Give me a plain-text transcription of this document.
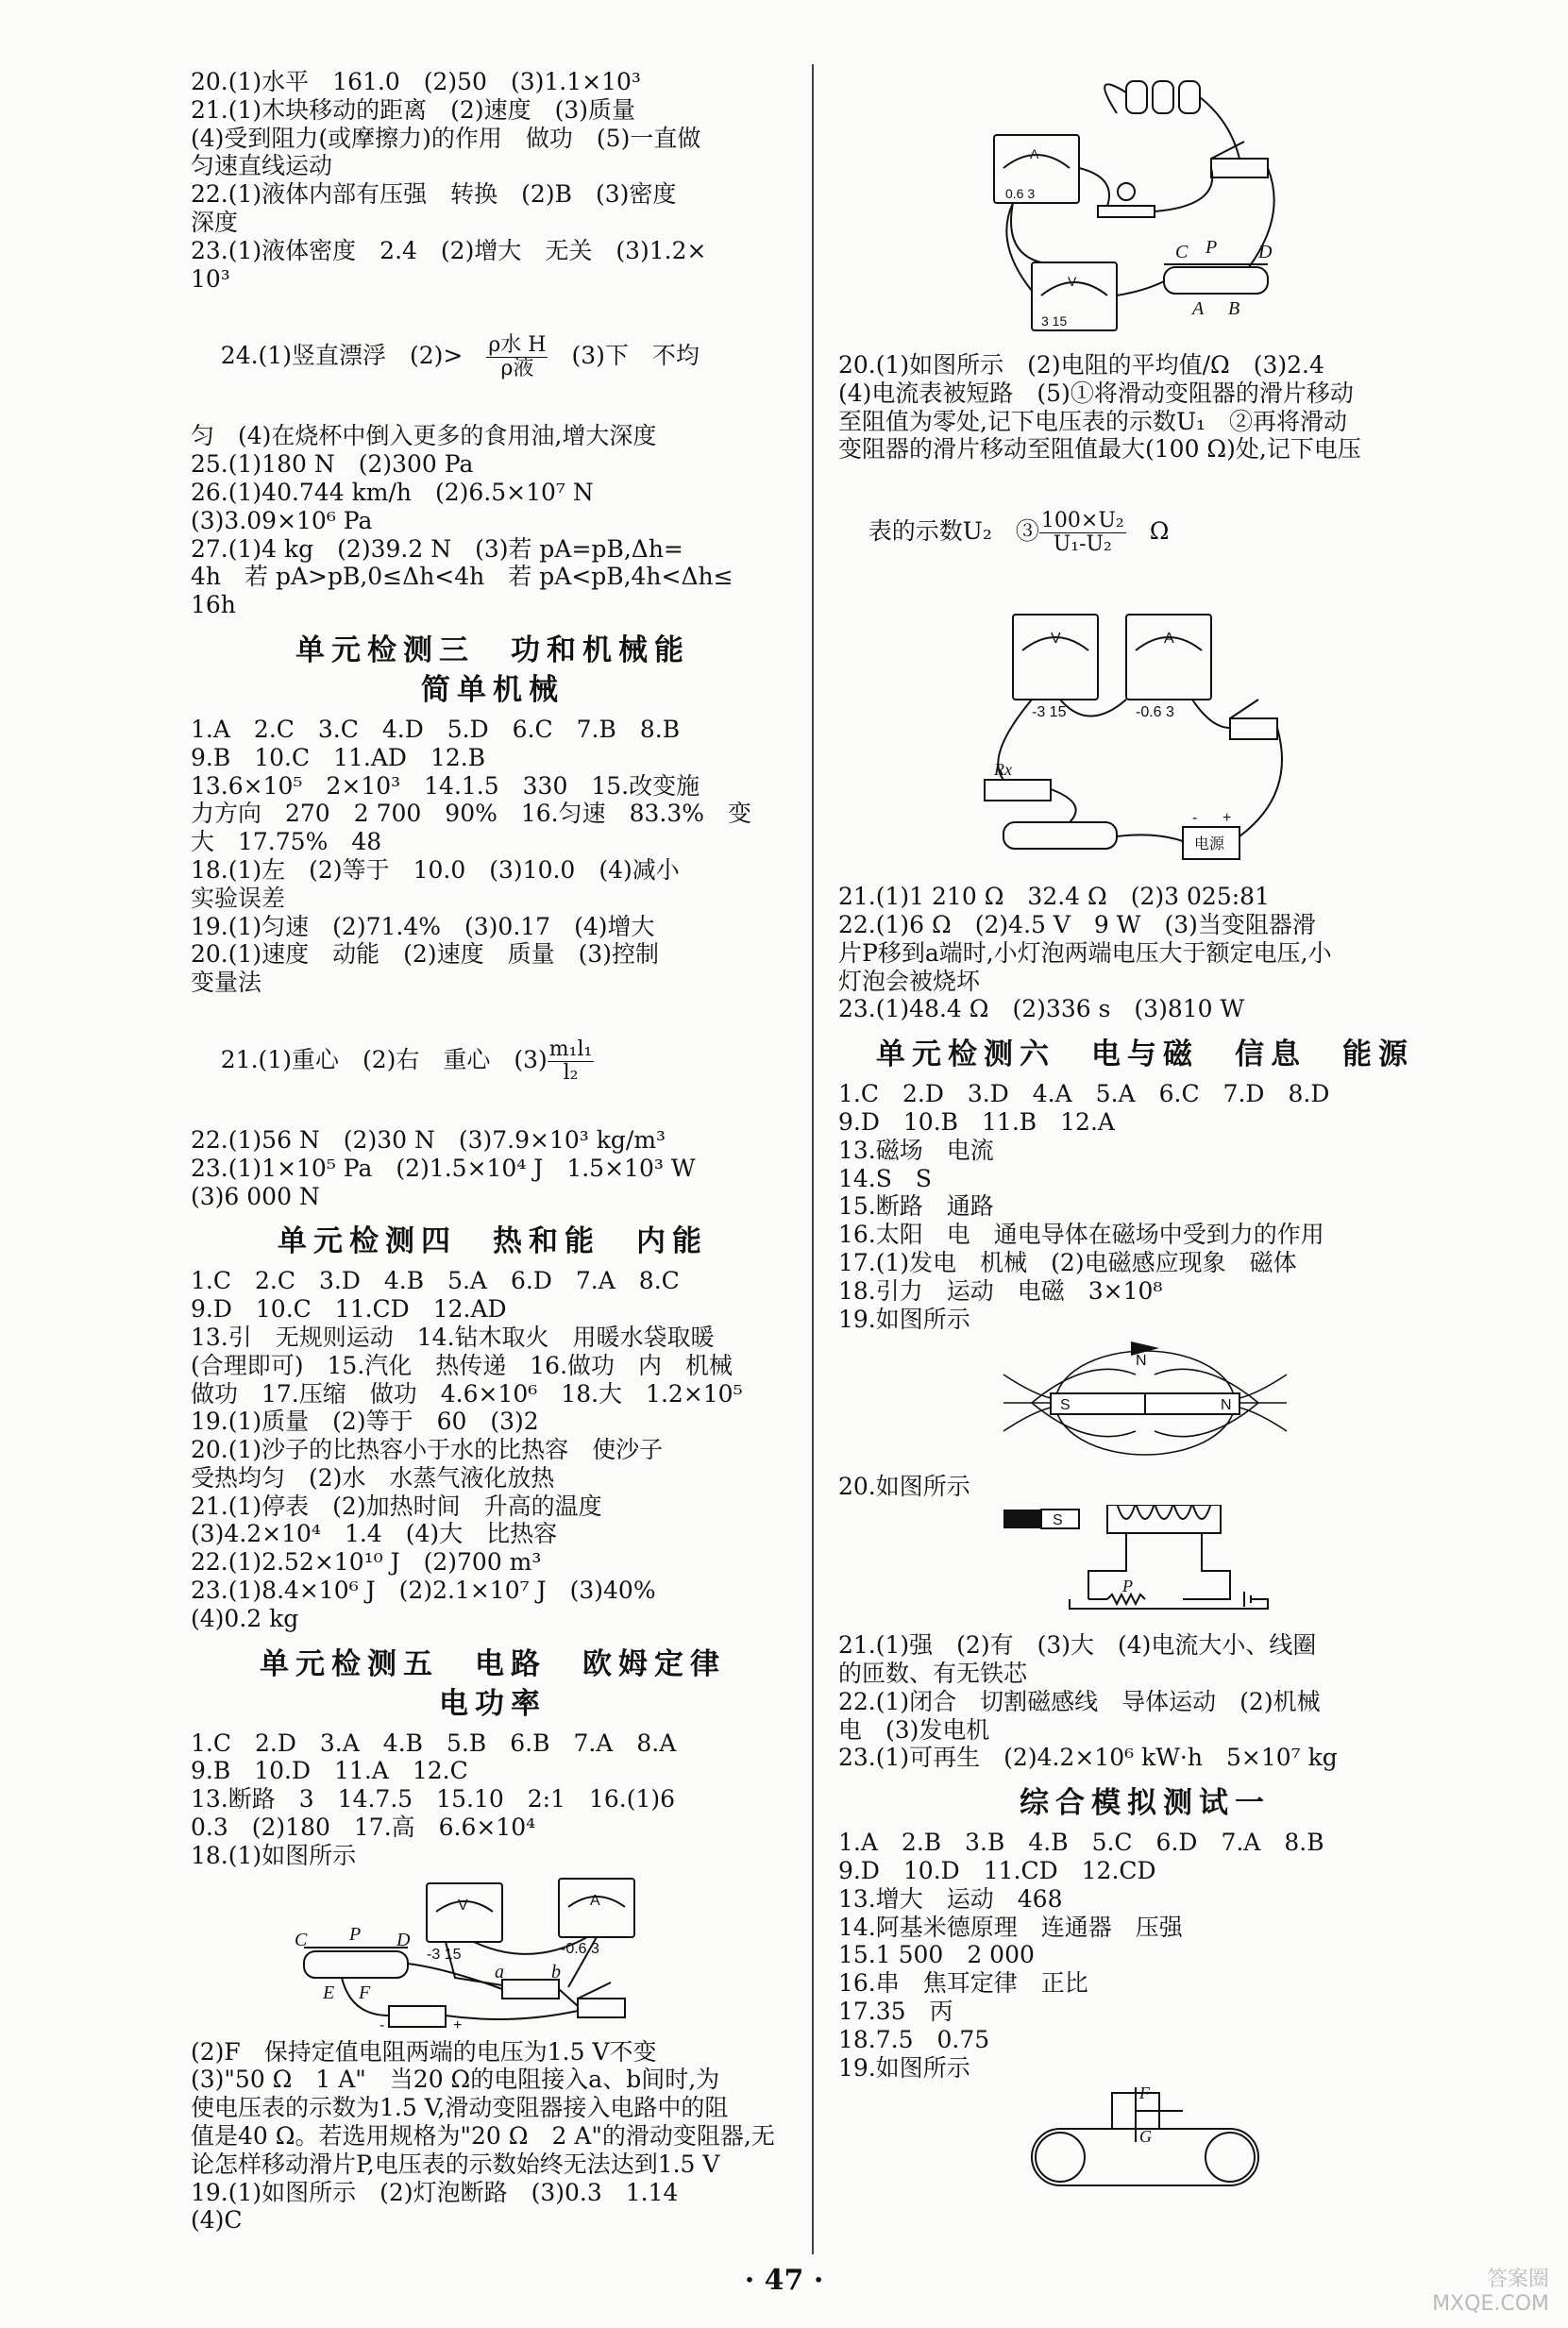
20.(1)水平　161.0　(2)50　(3)1.1×10³
21.(1)木块移动的距离　(2)速度　(3)质量
(4)受到阻力(或摩擦力)的作用　做功　(5)一直做
匀速直线运动
22.(1)液体内部有压强　转换　(2)B　(3)密度
深度
23.(1)液体密度　2.4　(2)增大　无关　(3)1.2×
10³

24.(1)竖直漂浮　(2)>　 ρ水 H
ρ液 　(3)下　不均

匀　(4)在烧杯中倒入更多的食用油,增大深度
25.(1)180 N　(2)300 Pa
26.(1)40.744 km/h　(2)6.5×10⁷ N
(3)3.09×10⁶ Pa
27.(1)4 kg　(2)39.2 N　(3)若 pA=pB,Δh=
4h　若 pA>pB,0≤Δh<4h　若 pA<pB,4h<Δh≤
16h
单元检测三　功和机械能
简单机械
1.A　2.C　3.C　4.D　5.D　6.C　7.B　8.B
9.B　10.C　11.AD　12.B
13.6×10⁵　2×10³　14.1.5　330　15.改变施
力方向　270　2 700　90%　16.匀速　83.3%　变
大　17.75%　48
18.(1)左　(2)等于　10.0　(3)10.0　(4)减小
实验误差
19.(1)匀速　(2)71.4%　(3)0.17　(4)增大
20.(1)速度　动能　(2)速度　质量　(3)控制
变量法

21.(1)重心　(2)右　重心　$(3) \frac{\text{m₁l₁}}{\text{l₂}}$

22.(1)56 N　(2)30 N　(3)7.9×10³ kg/m³
23.(1)1×10⁵ Pa　(2)1.5×10⁴ J　1.5×10³ W
(3)6 000 N
单元检测四　热和能　内能
1.C　2.C　3.D　4.B　5.A　6.D　7.A　8.C
9.D　10.C　11.CD　12.AD
13.引　无规则运动　14.钻木取火　用暖水袋取暖
(合理即可)　15.汽化　热传递　16.做功　内　机械
做功　17.压缩　做功　4.6×10⁶　18.大　1.2×10⁵
19.(1)质量　(2)等于　60　(3)2
20.(1)沙子的比热容小于水的比热容　使沙子
受热均匀　(2)水　水蒸气液化放热
21.(1)停表　(2)加热时间　升高的温度
(3)4.2×10⁴　1.4　(4)大　比热容
22.(1)2.52×10¹⁰ J　(2)700 m³
23.(1)8.4×10⁶ J　(2)2.1×10⁷ J　(3)40%
(4)0.2 kg
单元检测五　电路　欧姆定律
电功率
1.C　2.D　3.A　4.B　5.B　6.B　7.A　8.A
9.B　10.D　11.A　12.C
13.断路　3　14.7.5　15.10　2:1　16.(1)6
0.3　(2)180　17.高　6.6×10⁴
18.(1)如图所示
C P D
E F
a	b
V	A
-3 15	-0.6 3
+
-
(2)F　保持定值电阻两端的电压为1.5 V不变
(3)"50 Ω　1 A"　当20 Ω的电阻接入a、b间时,为
使电压表的示数为1.5 V,滑动变阻器接入电路中的阻
值是40 Ω。若选用规格为"20 Ω　2 A"的滑动变阻器,无
论怎样移动滑片P,电压表的示数始终无法达到1.5 V
19.(1)如图所示　(2)灯泡断路　(3)0.3　1.14
(4)C
C P D
A B
A
V
0.6 3
3 15
20.(1)如图所示　(2)电阻的平均值/Ω　(3)2.4
(4)电流表被短路　(5)①将滑动变阻器的滑片移动
至阻值为零处,记下电压表的示数U₁　②再将滑动
变阻器的滑片移动至阻值最大(100 Ω)处,记下电压

表的示数U₂　③ $\frac{\text{100×U₂}}{\text{U₁-U₂}}$ 　Ω

V	A
-3 15	-0.6 3
电源
- +
Rx
21.(1)1 210 Ω　32.4 Ω　(2)3 025:81
22.(1)6 Ω　(2)4.5 V　9 W　(3)当变阻器滑
片P移到a端时,小灯泡两端电压大于额定电压,小
灯泡会被烧坏
23.(1)48.4 Ω　(2)336 s　(3)810 W
单元检测六　电与磁　信息　能源
1.C　2.D　3.D　4.A　5.A　6.C　7.D　8.D
9.D　10.B　11.B　12.A
13.磁场　电流
14.S　S
15.断路　通路
16.太阳　电　通电导体在磁场中受到力的作用
17.(1)发电　机械　(2)电磁感应现象　磁体
18.引力　运动　电磁　3×10⁸
19.如图所示
S	N
N
20.如图所示
S
P
21.(1)强　(2)有　(3)大　(4)电流大小、线圈
的匝数、有无铁芯
22.(1)闭合　切割磁感线　导体运动　(2)机械
电　(3)发电机
23.(1)可再生　(2)4.2×10⁶ kW·h　5×10⁷ kg
综合模拟测试一
1.A　2.B　3.B　4.B　5.C　6.D　7.A　8.B
9.D　10.D　11.CD　12.CD
13.增大　运动　468
14.阿基米德原理　连通器　压强
15.1 500　2 000
16.串　焦耳定律　正比
17.35　丙
18.7.5　0.75
19.如图所示
F
G
· 47 ·	答案圈
MXQE.COM
